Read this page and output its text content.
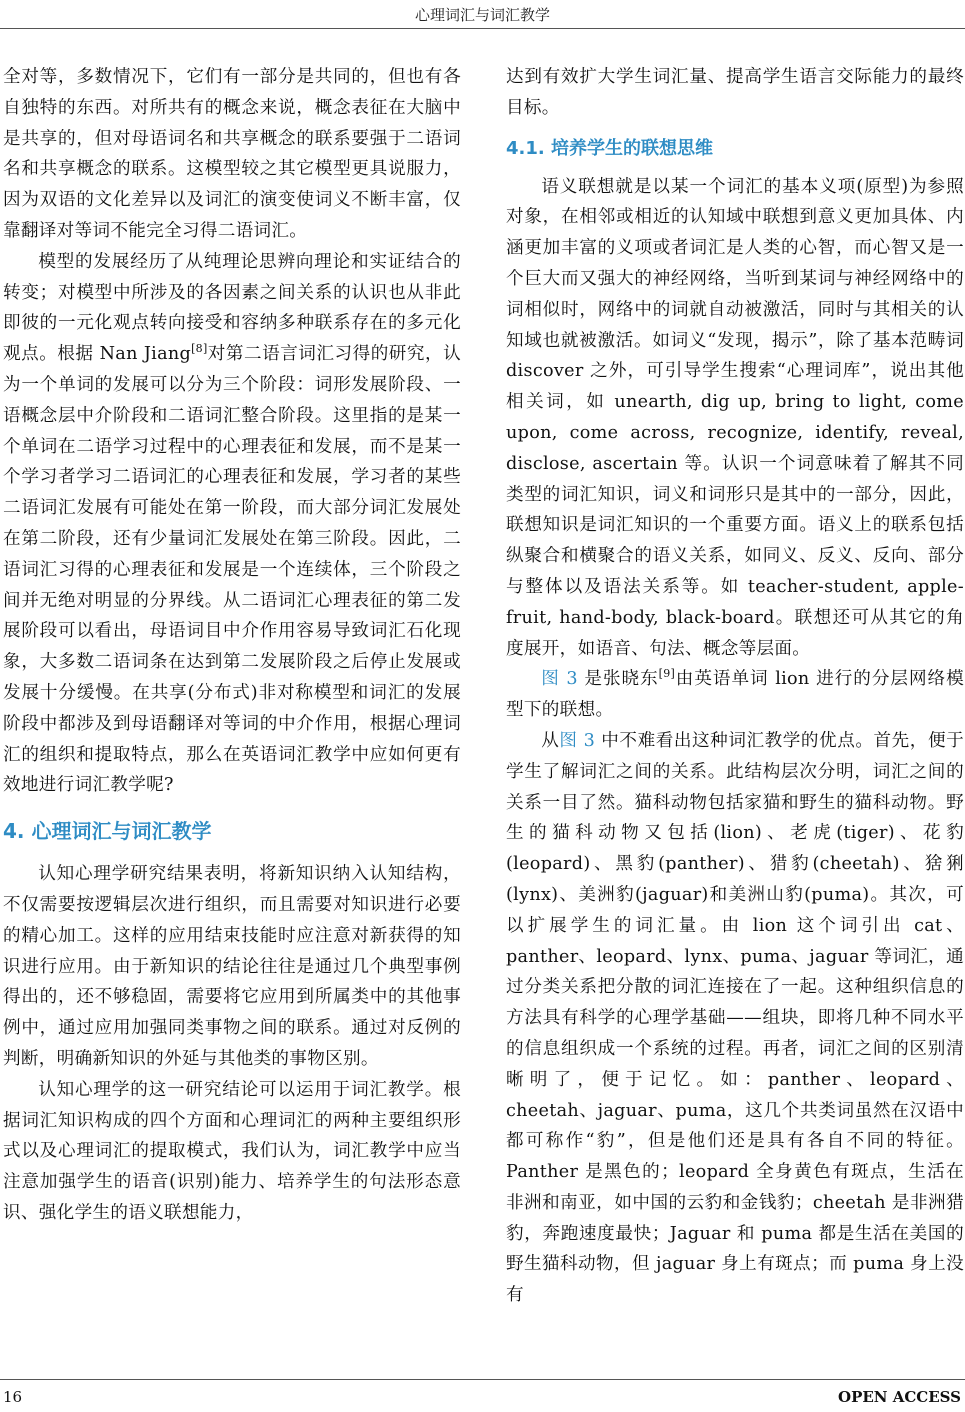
心理词汇与词汇教学

全对等，多数情况下，它们有一部分是共同的，但也有各自独特的东西。对所共有的概念来说，概念表征在大脑中是共享的，但对母语词名和共享概念的联系要强于二语词名和共享概念的联系。这模型较之其它模型更具说服力，因为双语的文化差异以及词汇的演变使词义不断丰富，仅靠翻译对等词不能完全习得二语词汇。

模型的发展经历了从纯理论思辨向理论和实证结合的转变；对模型中所涉及的各因素之间关系的认识也从非此即彼的一元化观点转向接受和容纳多种联系存在的多元化观点。根据 Nan Jiang[8]对第二语言词汇习得的研究，认为一个单词的发展可以分为三个阶段：词形发展阶段、一语概念层中介阶段和二语词汇整合阶段。这里指的是某一个单词在二语学习过程中的心理表征和发展，而不是某一个学习者学习二语词汇的心理表征和发展，学习者的某些二语词汇发展有可能处在第一阶段，而大部分词汇发展处在第二阶段，还有少量词汇发展处在第三阶段。因此，二语词汇习得的心理表征和发展是一个连续体，三个阶段之间并无绝对明显的分界线。从二语词汇心理表征的第二发展阶段可以看出，母语词目中介作用容易导致词汇石化现象，大多数二语词条在达到第二发展阶段之后停止发展或发展十分缓慢。在共享(分布式)非对称模型和词汇的发展阶段中都涉及到母语翻译对等词的中介作用，根据心理词汇的组织和提取特点，那么在英语词汇教学中应如何更有效地进行词汇教学呢?

4. 心理词汇与词汇教学

认知心理学研究结果表明，将新知识纳入认知结构，不仅需要按逻辑层次进行组织，而且需要对知识进行必要的精心加工。这样的应用结束技能时应注意对新获得的知识进行应用。由于新知识的结论往往是通过几个典型事例得出的，还不够稳固，需要将它应用到所属类中的其他事例中，通过应用加强同类事物之间的联系。通过对反例的判断，明确新知识的外延与其他类的事物区别。

认知心理学的这一研究结论可以运用于词汇教学。根据词汇知识构成的四个方面和心理词汇的两种主要组织形式以及心理词汇的提取模式，我们认为，词汇教学中应当注意加强学生的语音(识别)能力、培养学生的句法形态意识、强化学生的语义联想能力，

达到有效扩大学生词汇量、提高学生语言交际能力的最终目标。

4.1. 培养学生的联想思维

语义联想就是以某一个词汇的基本义项(原型)为参照对象，在相邻或相近的认知域中联想到意义更加具体、内涵更加丰富的义项或者词汇是人类的心智，而心智又是一个巨大而又强大的神经网络，当听到某词与神经网络中的词相似时，网络中的词就自动被激活，同时与其相关的认知域也就被激活。如词义“发现，揭示”，除了基本范畴词 discover 之外，可引导学生搜索“心理词库”，说出其他相关词，如 unearth, dig up, bring to light, come upon, come across, recognize, identify, reveal, disclose, ascertain 等。认识一个词意味着了解其不同类型的词汇知识，词义和词形只是其中的一部分，因此，联想知识是词汇知识的一个重要方面。语义上的联系包括纵聚合和横聚合的语义关系，如同义、反义、反向、部分与整体以及语法关系等。如 teacher-student, apple-fruit, hand-body, black-board。联想还可从其它的角度展开，如语音、句法、概念等层面。

图 3 是张晓东[9]由英语单词 lion 进行的分层网络模型下的联想。

从图 3 中不难看出这种词汇教学的优点。首先，便于学生了解词汇之间的关系。此结构层次分明，词汇之间的关系一目了然。猫科动物包括家猫和野生的猫科动物。野生的猫科动物又包括(lion)、老虎(tiger)、花豹(leopard)、黑豹(panther)、猎豹(cheetah)、猞猁(lynx)、美洲豹(jaguar)和美洲山豹(puma)。其次，可以扩展学生的词汇量。由 lion 这个词引出 cat、panther、leopard、lynx、puma、jaguar 等词汇，通过分类关系把分散的词汇连接在了一起。这种组织信息的方法具有科学的心理学基础——组块，即将几种不同水平的信息组织成一个系统的过程。再者，词汇之间的区别清晰明了，便于记忆。如：panther、leopard、cheetah、jaguar、puma，这几个共类词虽然在汉语中都可称作“豹”，但是他们还是具有各自不同的特征。Panther 是黑色的；leopard 全身黄色有斑点，生活在非洲和南亚，如中国的云豹和金钱豹；cheetah 是非洲猎豹，奔跑速度最快；Jaguar 和 puma 都是生活在美国的野生猫科动物，但 jaguar 身上有斑点；而 puma 身上没有

16	OPEN ACCESS
